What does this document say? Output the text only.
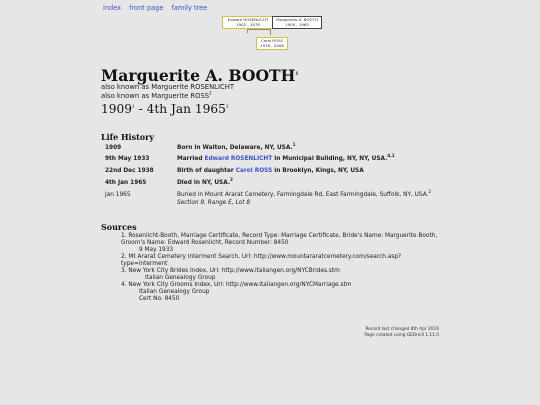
index front page family tree
Edward ROSENLICHT
1902 - 1978
Marguerite A. BOOTH
1909 - 1965
Carol ROSS
1938 - 2006
Marguerite A. BOOTH$^1$
also known as Marguerite ROSENLICHT
also known as Marguerite ROSS$^2$
1909$^1$ - 4th Jan 1965$^2$
Life History
1909	Born in Walton, Delaware, NY, USA.$^1$
9th May 1933	Married Edward ROSENLICHT in Municipal Building, NY, NY, USA.$^{4,1}$
22nd Dec 1938	Birth of daughter Carol ROSS in Brooklyn, Kings, NY, USA
4th Jan 1965	Died in NY, USA.$^2$
Jan 1965	Buried in Mount Ararat Cemetery, Farmingdale Rd, East Farmingdale, Suffolk, NY, USA.$^2$
Section 9, Range E, Lot 8
Sources
1. Rosenlicht-Booth, Marriage Certificate, Record Type: Marriage Certificate, Bride's Name: Marguerite Booth,
Groom's Name: Edward Rosenlicht, Record Number: 8450
9 May 1933
2. Mt Ararat Cemetery Interment Search, Url: http://www.mountararatcemetery.com/search.asp?
type=interment
3. New York City Brides Index, Url: http://www.italiangen.org/NYCBrides.stm
Italian Genealogy Group
4. New York City Grooms Index, Url: http://www.italiangen.org/NYCMarriage.stm
Italian Genealogy Group
Cert No. 8450
Record last changed 8th Apr 2016
Page created using GEDmill 1.11.0
